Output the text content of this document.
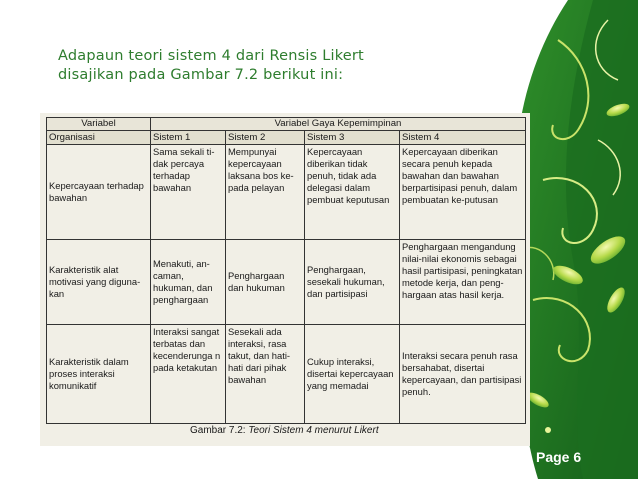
Adapaun teori sistem 4 dari Rensis Likert
disajikan pada Gambar 7.2 berikut ini:
Variabel	Variabel Gaya Kepemimpinan			
Organisasi	Sistem 1	Sistem 2	Sistem 3	Sistem 4
Kepercayaan terhadap bawahan	Sama sekali ti-dak percaya terhadap bawahan	Mempunyai kepercayaan laksana bos ke-pada pelayan	Kepercayaan diberikan tidak penuh, tidak ada delegasi dalam pembuat keputusan	Kepercayaan diberikan secara penuh kepada bawahan dan bawahan berpartisipasi penuh, dalam pembuatan ke-putusan
Karakteristik alat motivasi yang diguna-kan	Menakuti, an-caman, hukuman, dan penghargaan	Penghargaan dan hukuman	Penghargaan, sesekali hukuman, dan partisipasi	Penghargaan mengandung nilai-nilai ekonomis sebagai hasil partisipasi, peningkatan metode kerja, dan peng-hargaan atas hasil kerja.
Karakteristik dalam proses interaksi komunikatif	Interaksi sangat terbatas dan kecenderunga n pada ketakutan	Sesekali ada interaksi, rasa takut, dan hati-hati dari pihak bawahan	Cukup interaksi, disertai kepercayaan yang memadai	Interaksi secara penuh rasa bersahabat, disertai kepercayaan, dan partisipasi penuh.
Gambar 7.2: Teori Sistem 4 menurut Likert
Page 6
